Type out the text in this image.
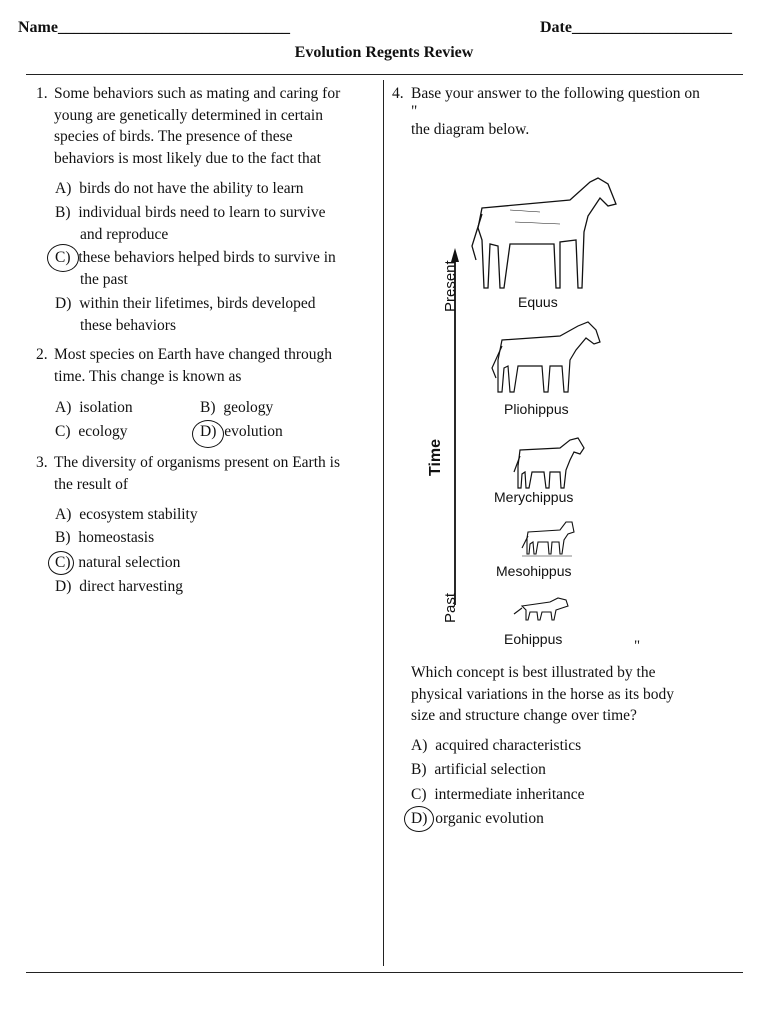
Name_____________________________	Date____________________
Evolution Regents Review
1. Some behaviors such as mating and caring for
young are genetically determined in certain
species of birds. The presence of these
behaviors is most likely due to the fact that
A) birds do not have the ability to learn
B) individual birds need to learn to survive
and reproduce
C) these behaviors helped birds to survive in
the past
D) within their lifetimes, birds developed
these behaviors
2. Most species on Earth have changed through
time. This change is known as
A) isolation	B) geology
C) ecology	D) evolution
3. The diversity of organisms present on Earth is
the result of
A) ecosystem stability
B) homeostasis
C) natural selection
D) direct harvesting
4. Base your answer to the following question on
"
the diagram below.
Equus
Pliohippus
Merychippus
Mesohippus
Eohippus
Present
Time
Past
"
Which concept is best illustrated by the
physical variations in the horse as its body
size and structure change over time?
A) acquired characteristics
B) artificial selection
C) intermediate inheritance
D) organic evolution
